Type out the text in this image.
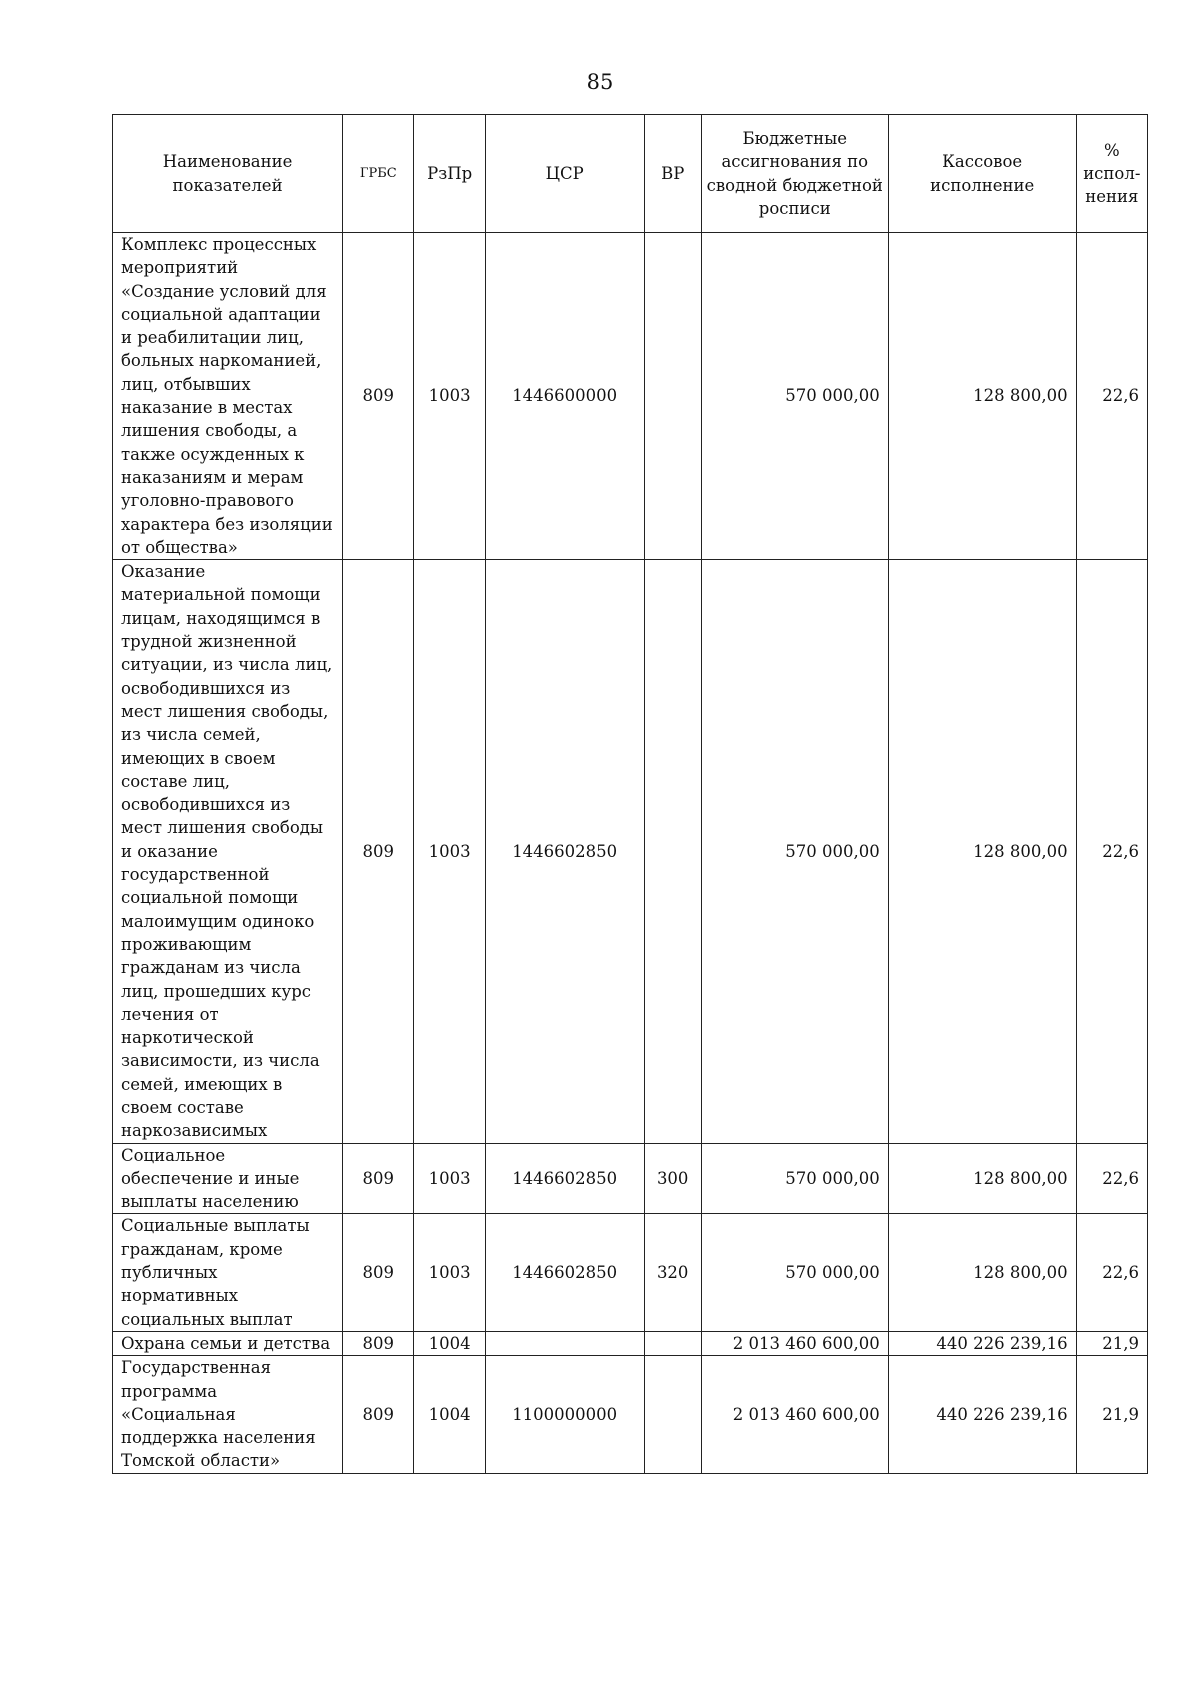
85
Наименование показателей	ГРБС	РзПр	ЦСР	ВР	Бюджетные ассигнования по сводной бюджетной росписи	Кассовое исполнение	% испол-нения
Комплекс процессных мероприятий «Создание условий для социальной адаптации и реабилитации лиц, больных наркоманией, лиц, отбывших наказание в местах лишения свободы, а также осужденных к наказаниям и мерам уголовно-правового характера без изоляции от общества»	809	1003	1446600000		570 000,00	128 800,00	22,6
Оказание материальной помощи лицам, находящимся в трудной жизненной ситуации, из числа лиц, освободившихся из мест лишения свободы, из числа семей, имеющих в своем составе лиц, освободившихся из мест лишения свободы и оказание государственной социальной помощи малоимущим одиноко проживающим гражданам из числа лиц, прошедших курс лечения от наркотической зависимости, из числа семей, имеющих в своем составе наркозависимых	809	1003	1446602850		570 000,00	128 800,00	22,6
Социальное обеспечение и иные выплаты населению	809	1003	1446602850	300	570 000,00	128 800,00	22,6
Социальные выплаты гражданам, кроме публичных нормативных социальных выплат	809	1003	1446602850	320	570 000,00	128 800,00	22,6
Охрана семьи и детства	809	1004			2 013 460 600,00	440 226 239,16	21,9
Государственная программа «Социальная поддержка населения Томской области»	809	1004	1100000000		2 013 460 600,00	440 226 239,16	21,9
